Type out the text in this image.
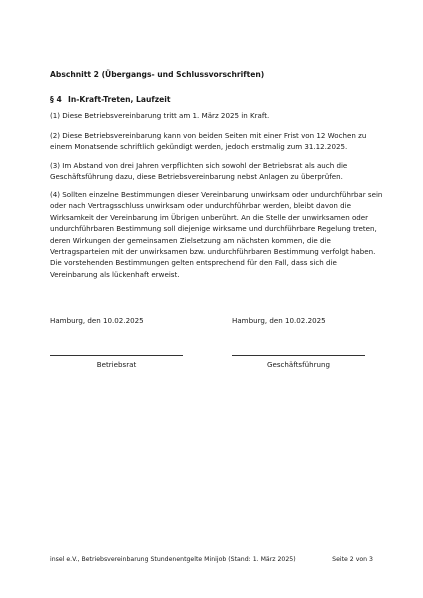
Abschnitt 2 (Übergangs- und Schlussvorschriften)

§ 4 In-Kraft-Treten, Laufzeit

(1) Diese Betriebsvereinbarung tritt am 1. März 2025 in Kraft.

(2) Diese Betriebsvereinbarung kann von beiden Seiten mit einer Frist von 12 Wochen zu einem Monatsende schriftlich gekündigt werden, jedoch erstmalig zum 31.12.2025.

(3) Im Abstand von drei Jahren verpflichten sich sowohl der Betriebsrat als auch die Geschäftsführung dazu, diese Betriebsvereinbarung nebst Anlagen zu überprüfen.

(4) Sollten einzelne Bestimmungen dieser Vereinbarung unwirksam oder undurchführbar sein oder nach Vertragsschluss unwirksam oder undurchführbar werden, bleibt davon die Wirksamkeit der Vereinbarung im Übrigen unberührt. An die Stelle der unwirksamen oder undurchführbaren Bestimmung soll diejenige wirksame und durchführbare Regelung treten, deren Wirkungen der gemeinsamen Zielsetzung am nächsten kommen, die die Vertragsparteien mit der unwirksamen bzw. undurchführbaren Bestimmung verfolgt haben. Die vorstehenden Bestimmungen gelten entsprechend für den Fall, dass sich die Vereinbarung als lückenhaft erweist.

Hamburg, den 10.02.2025	Hamburg, den 10.02.2025

Betriebsrat	Geschäftsführung

insel e.V., Betriebsvereinbarung Stundenentgelte Minijob (Stand: 1. März 2025)	Seite 2 von 3
